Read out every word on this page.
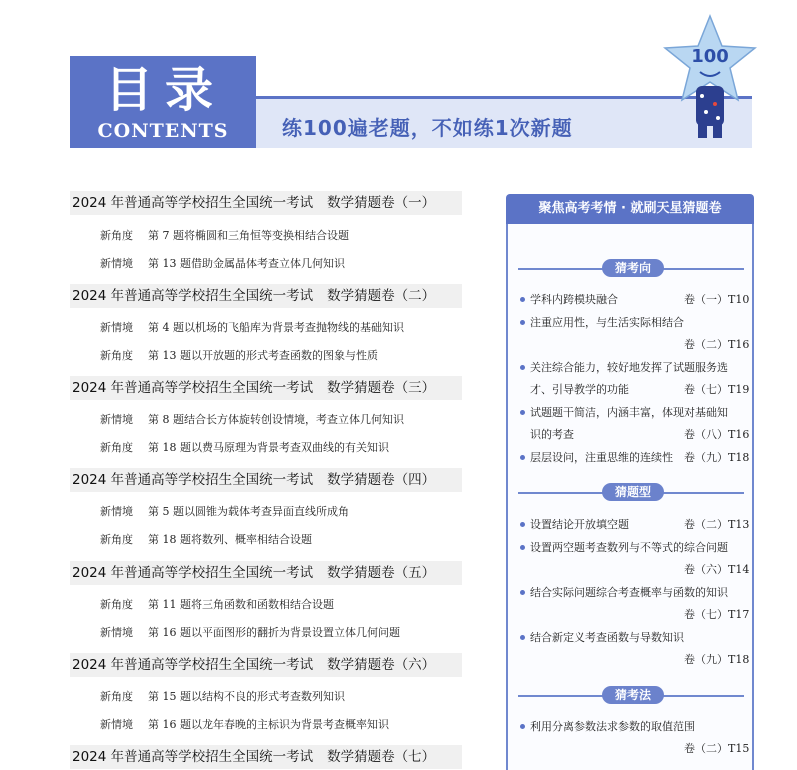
目录
CONTENTS	练100遍老题，不如练1次新题
100
2024 年普通高等学校招生全国统一考试 数学猜题卷（一）
新角度 第 7 题将椭圆和三角恒等变换相结合设题
新情境 第 13 题借助金属晶体考查立体几何知识
2024 年普通高等学校招生全国统一考试 数学猜题卷（二）
新情境 第 4 题以机场的飞船库为背景考查抛物线的基础知识
新角度 第 13 题以开放题的形式考查函数的图象与性质
2024 年普通高等学校招生全国统一考试 数学猜题卷（三）
新情境 第 8 题结合长方体旋转创设情境，考查立体几何知识
新角度 第 18 题以费马原理为背景考查双曲线的有关知识
2024 年普通高等学校招生全国统一考试 数学猜题卷（四）
新情境 第 5 题以圆锥为载体考查异面直线所成角
新角度 第 18 题将数列、概率相结合设题
2024 年普通高等学校招生全国统一考试 数学猜题卷（五）
新角度 第 11 题将三角函数和函数相结合设题
新情境 第 16 题以平面图形的翻折为背景设置立体几何问题
2024 年普通高等学校招生全国统一考试 数学猜题卷（六）
新角度 第 15 题以结构不良的形式考查数列知识
新情境 第 16 题以龙年春晚的主标识为背景考查概率知识
2024 年普通高等学校招生全国统一考试 数学猜题卷（七）
聚焦高考考情 · 就刷天星猜题卷
猜考向
学科内跨模块融合	卷（一）T10
注重应用性，与生活实际相结合
卷（二）T16
关注综合能力，较好地发挥了试题服务选
才、引导教学的功能	卷（七）T19
试题题干简洁，内涵丰富，体现对基础知
识的考查	卷（八）T16
层层设问，注重思维的连续性 卷（九）T18
猜题型
设置结论开放填空题	卷（二）T13
设置两空题考查数列与不等式的综合问题
卷（六）T14
结合实际问题综合考查概率与函数的知识
卷（七）T17
结合新定义考查函数与导数知识
卷（九）T18
猜考法
利用分离参数法求参数的取值范围
卷（二）T15
